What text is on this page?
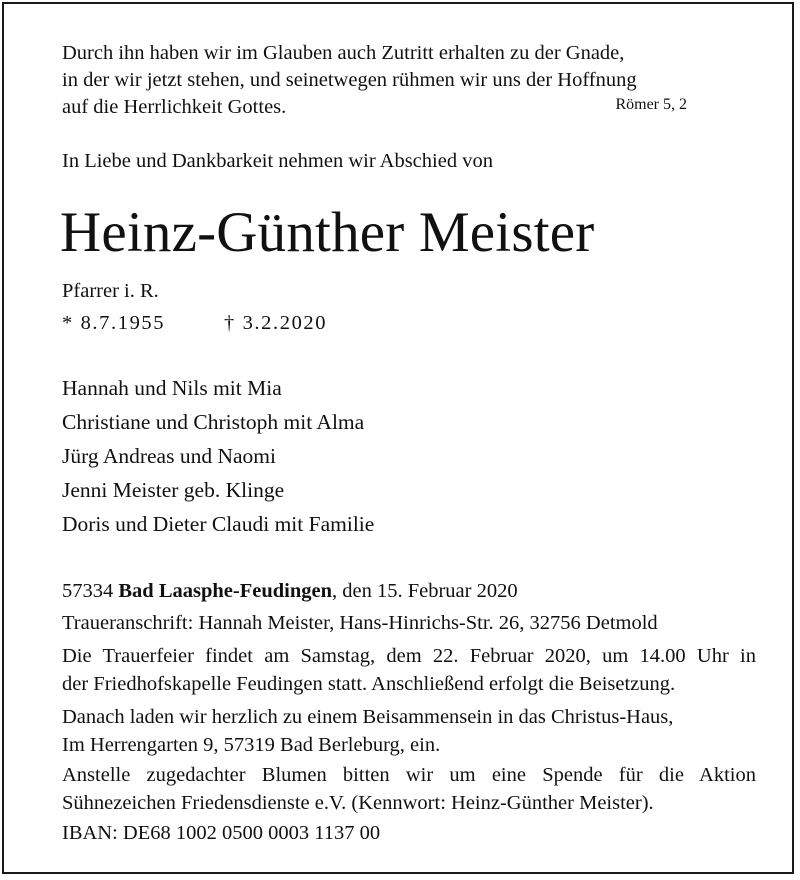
Durch ihn haben wir im Glauben auch Zutritt erhalten zu der Gnade,
in der wir jetzt stehen, und seinetwegen rühmen wir uns der Hoffnung
auf die Herrlichkeit Gottes.	Römer 5, 2
In Liebe und Dankbarkeit nehmen wir Abschied von
Heinz-Günther Meister
Pfarrer i. R.
* 8.7.1955	† 3.2.2020
Hannah und Nils mit Mia
Christiane und Christoph mit Alma
Jürg Andreas und Naomi
Jenni Meister geb. Klinge
Doris und Dieter Claudi mit Familie
57334 Bad Laasphe-Feudingen, den 15. Februar 2020
Traueranschrift: Hannah Meister, Hans-Hinrichs-Str. 26, 32756 Detmold
Die Trauerfeier findet am Samstag, dem 22. Februar 2020, um 14.00 Uhr in
der Friedhofskapelle Feudingen statt. Anschließend erfolgt die Beisetzung.
Danach laden wir herzlich zu einem Beisammensein in das Christus-Haus,
Im Herrengarten 9, 57319 Bad Berleburg, ein.
Anstelle zugedachter Blumen bitten wir um eine Spende für die Aktion
Sühnezeichen Friedensdienste e.V. (Kennwort: Heinz-Günther Meister).
IBAN: DE68 1002 0500 0003 1137 00
